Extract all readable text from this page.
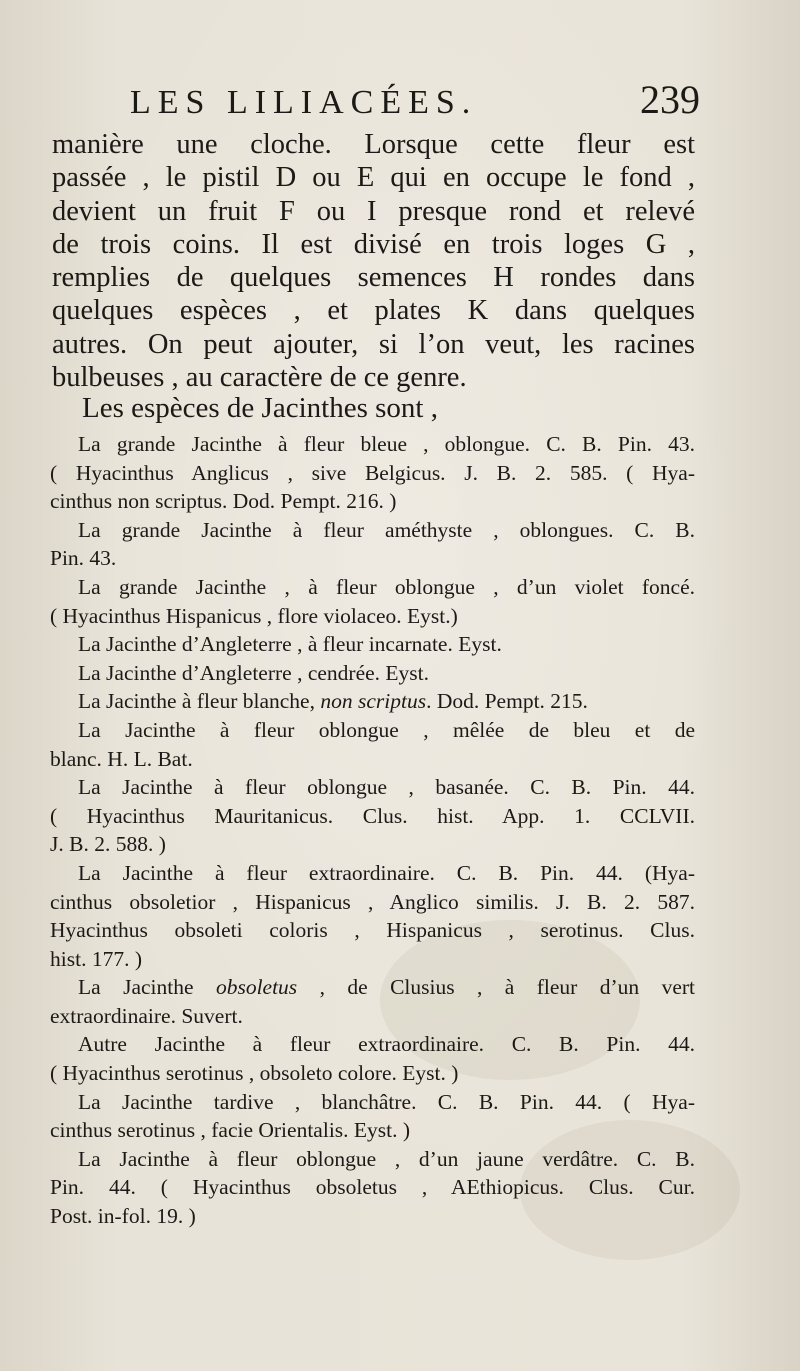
LES LILIACÉES.	239
manière une cloche. Lorsque cette fleur est
passée , le pistil D ou E qui en occupe le fond ,
devient un fruit F ou I presque rond et relevé
de trois coins. Il est divisé en trois loges G ,
remplies de quelques semences H rondes dans
quelques espèces , et plates K dans quelques
autres. On peut ajouter, si l’on veut, les racines
bulbeuses , au caractère de ce genre.
Les espèces de Jacinthes sont ,
La grande Jacinthe à fleur bleue , oblongue. C. B. Pin. 43.
( Hyacinthus Anglicus , sive Belgicus. J. B. 2. 585. ( Hya-
cinthus non scriptus. Dod. Pempt. 216. )
La grande Jacinthe à fleur améthyste , oblongues. C. B.
Pin. 43.
La grande Jacinthe , à fleur oblongue , d’un violet foncé.
( Hyacinthus Hispanicus , flore violaceo. Eyst.)
La Jacinthe d’Angleterre , à fleur incarnate. Eyst.
La Jacinthe d’Angleterre , cendrée. Eyst.
La Jacinthe à fleur blanche, non scriptus. Dod. Pempt. 215.
La Jacinthe à fleur oblongue , mêlée de bleu et de
blanc. H. L. Bat.
La Jacinthe à fleur oblongue , basanée. C. B. Pin. 44.
( Hyacinthus Mauritanicus. Clus. hist. App. 1. CCLVII.
J. B. 2. 588. )
La Jacinthe à fleur extraordinaire. C. B. Pin. 44. (Hya-
cinthus obsoletior , Hispanicus , Anglico similis. J. B. 2. 587.
Hyacinthus obsoleti coloris , Hispanicus , serotinus. Clus.
hist. 177. )
La Jacinthe obsoletus , de Clusius , à fleur d’un vert
extraordinaire. Suvert.
Autre Jacinthe à fleur extraordinaire. C. B. Pin. 44.
( Hyacinthus serotinus , obsoleto colore. Eyst. )
La Jacinthe tardive , blanchâtre. C. B. Pin. 44. ( Hya-
cinthus serotinus , facie Orientalis. Eyst. )
La Jacinthe à fleur oblongue , d’un jaune verdâtre. C. B.
Pin. 44. ( Hyacinthus obsoletus , AEthiopicus. Clus. Cur.
Post. in-fol. 19. )
